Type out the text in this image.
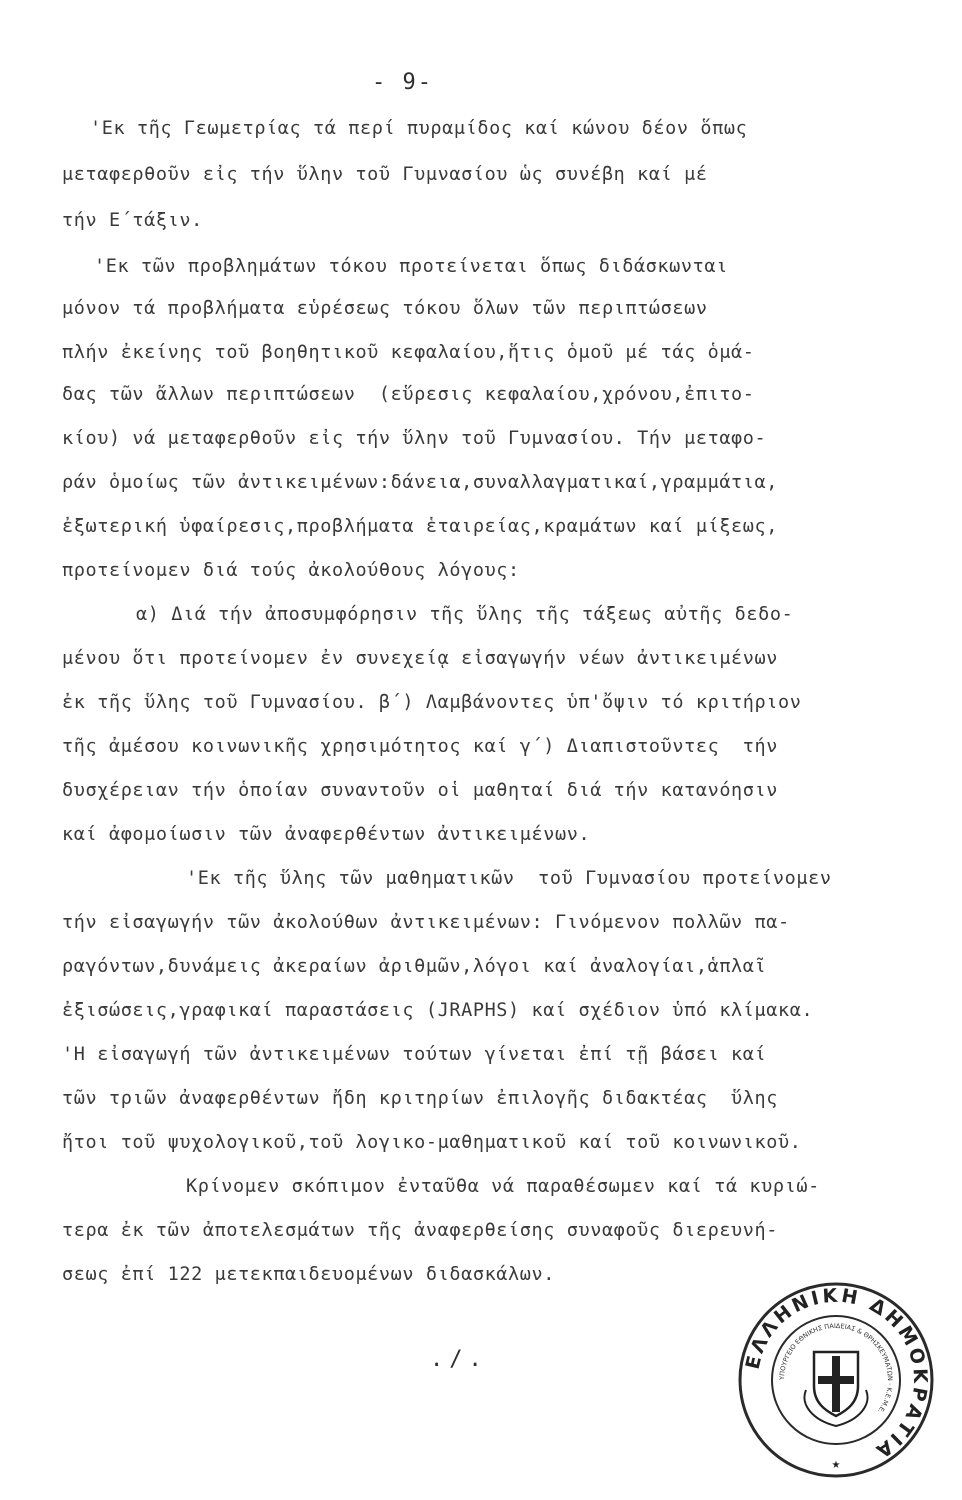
- 9-
'Εκ τῆς Γεωμετρίας τά περί πυραμίδος καί κώνου δέον ὅπως
μεταφερθοῦν εἰς τήν ὕλην τοῦ Γυμνασίου ὡς συνέβη καί μέ
τήν Ε΄τάξιν.
'Εκ τῶν προβλημάτων τόκου προτείνεται ὅπως διδάσκωνται
μόνον τά προβλήματα εὑρέσεως τόκου ὅλων τῶν περιπτώσεων
πλήν ἐκείνης τοῦ βοηθητικοῦ κεφαλαίου,ἥτις ὁμοῦ μέ τάς ὁμά-
δας τῶν ἄλλων περιπτώσεων  (εὕρεσις κεφαλαίου,χρόνου,ἐπιτο-
κίου) νά μεταφερθοῦν εἰς τήν ὕλην τοῦ Γυμνασίου. Τήν μεταφο-
ράν ὁμοίως τῶν ἀντικειμένων:δάνεια,συναλλαγματικαί,γραμμάτια,
ἐξωτερική ὑφαίρεσις,προβλήματα ἑταιρείας,κραμάτων καί μίξεως,
προτείνομεν διά τούς ἀκολούθους λόγους:
α) Διά τήν ἀποσυμφόρησιν τῆς ὕλης τῆς τάξεως αὐτῆς δεδο-
μένου ὅτι προτείνομεν ἐν συνεχείᾳ εἰσαγωγήν νέων ἀντικειμένων
ἐκ τῆς ὕλης τοῦ Γυμνασίου. β΄) Λαμβάνοντες ὑπ'ὄψιν τό κριτήριον
τῆς ἀμέσου κοινωνικῆς χρησιμότητος καί γ΄) Διαπιστοῦντες  τήν
δυσχέρειαν τήν ὁποίαν συναντοῦν οἱ μαθηταί διά τήν κατανόησιν
καί ἀφομοίωσιν τῶν ἀναφερθέντων ἀντικειμένων.
'Εκ τῆς ὕλης τῶν μαθηματικῶν  τοῦ Γυμνασίου προτείνομεν
τήν εἰσαγωγήν τῶν ἀκολούθων ἀντικειμένων: Γινόμενον πολλῶν πα-
ραγόντων,δυνάμεις ἀκεραίων ἀριθμῶν,λόγοι καί ἀναλογίαι,ἁπλαῖ
ἐξισώσεις,γραφικαί παραστάσεις (JRAPHS) καί σχέδιον ὑπό κλίμακα.
'Η εἰσαγωγή τῶν ἀντικειμένων τούτων γίνεται ἐπί τῇ βάσει καί
τῶν τριῶν ἀναφερθέντων ἤδη κριτηρίων ἐπιλογῆς διδακτέας  ὕλης
ἤτοι τοῦ ψυχολογικοῦ,τοῦ λογικο-μαθηματικοῦ καί τοῦ κοινωνικοῦ.
Κρίνομεν σκόπιμον ἐνταῦθα νά παραθέσωμεν καί τά κυριώ-
τερα ἐκ τῶν ἀποτελεσμάτων τῆς ἀναφερθείσης συναφοῦς διερευνή-
σεως ἐπί 122 μετεκπαιδευομένων διδασκάλων.
./.	ΕΛΛΗΝΙΚΗ ΔΗΜΟΚΡΑΤΙΑ
ΥΠΟΥΡΓΕΙΟ ΕΘΝΙΚΗΣ ΠΑΙΔΕΙΑΣ & ΘΡΗΣΚΕΥΜΑΤΩΝ · Κ.Ε.Μ.Ε.
★
